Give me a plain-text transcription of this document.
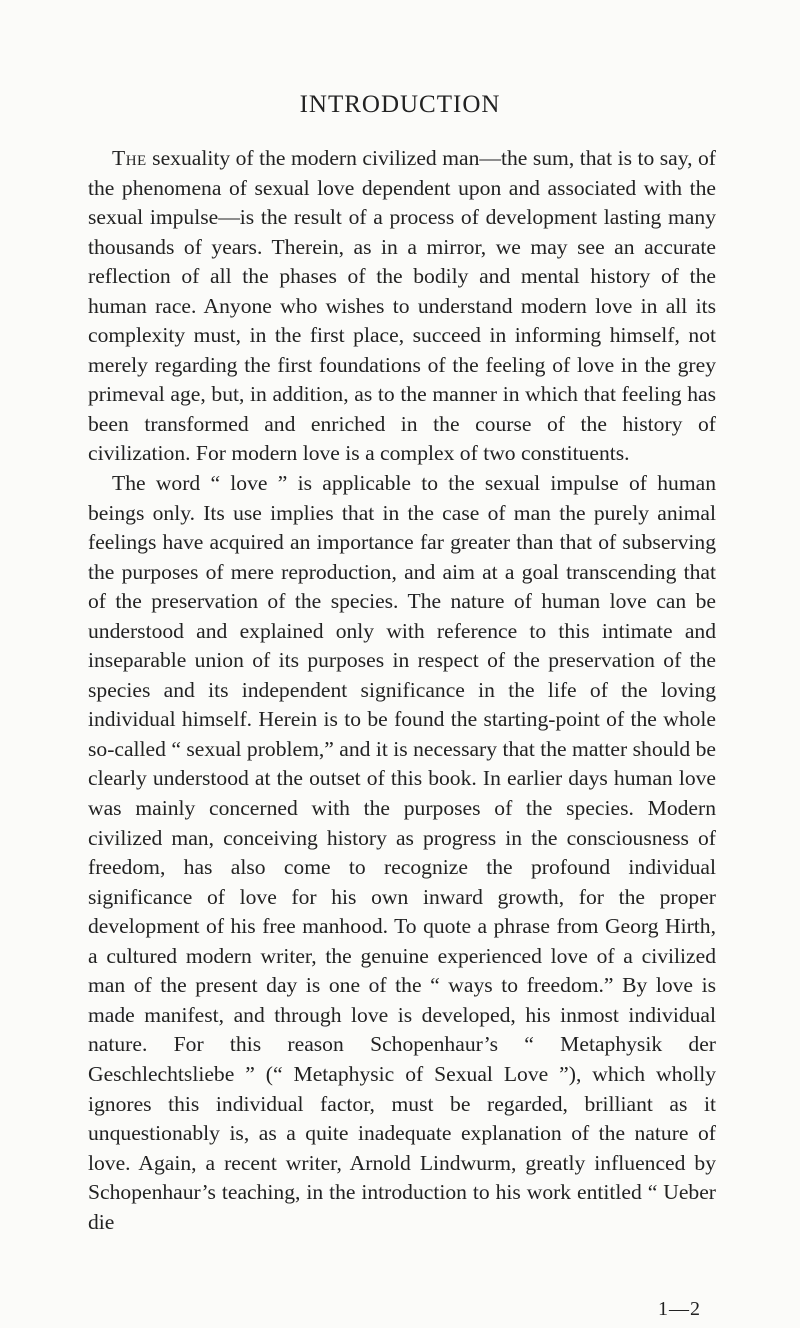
INTRODUCTION

The sexuality of the modern civilized man—the sum, that is to say, of the phenomena of sexual love dependent upon and associated with the sexual impulse—is the result of a process of development lasting many thousands of years. Therein, as in a mirror, we may see an accurate reflection of all the phases of the bodily and mental history of the human race. Anyone who wishes to understand modern love in all its complexity must, in the first place, succeed in informing himself, not merely regarding the first foundations of the feeling of love in the grey primeval age, but, in addition, as to the manner in which that feeling has been transformed and enriched in the course of the history of civilization. For modern love is a complex of two constituents.

The word “ love ” is applicable to the sexual impulse of human beings only. Its use implies that in the case of man the purely animal feelings have acquired an importance far greater than that of subserving the purposes of mere reproduction, and aim at a goal transcending that of the preservation of the species. The nature of human love can be understood and explained only with reference to this intimate and inseparable union of its purposes in respect of the preservation of the species and its independent significance in the life of the loving individual himself. Herein is to be found the starting-point of the whole so-called “ sexual problem,” and it is necessary that the matter should be clearly understood at the outset of this book. In earlier days human love was mainly concerned with the purposes of the species. Modern civilized man, conceiving history as progress in the consciousness of freedom, has also come to recognize the profound individual significance of love for his own inward growth, for the proper development of his free manhood. To quote a phrase from Georg Hirth, a cultured modern writer, the genuine experienced love of a civilized man of the present day is one of the “ ways to freedom.” By love is made manifest, and through love is developed, his inmost individual nature. For this reason Schopenhaur’s “ Metaphysik der Geschlechtsliebe ” (“ Metaphysic of Sexual Love ”), which wholly ignores this individual factor, must be regarded, brilliant as it unquestionably is, as a quite inadequate explanation of the nature of love. Again, a recent writer, Arnold Lindwurm, greatly influenced by Schopenhaur’s teaching, in the introduction to his work entitled “ Ueber die

1—2
